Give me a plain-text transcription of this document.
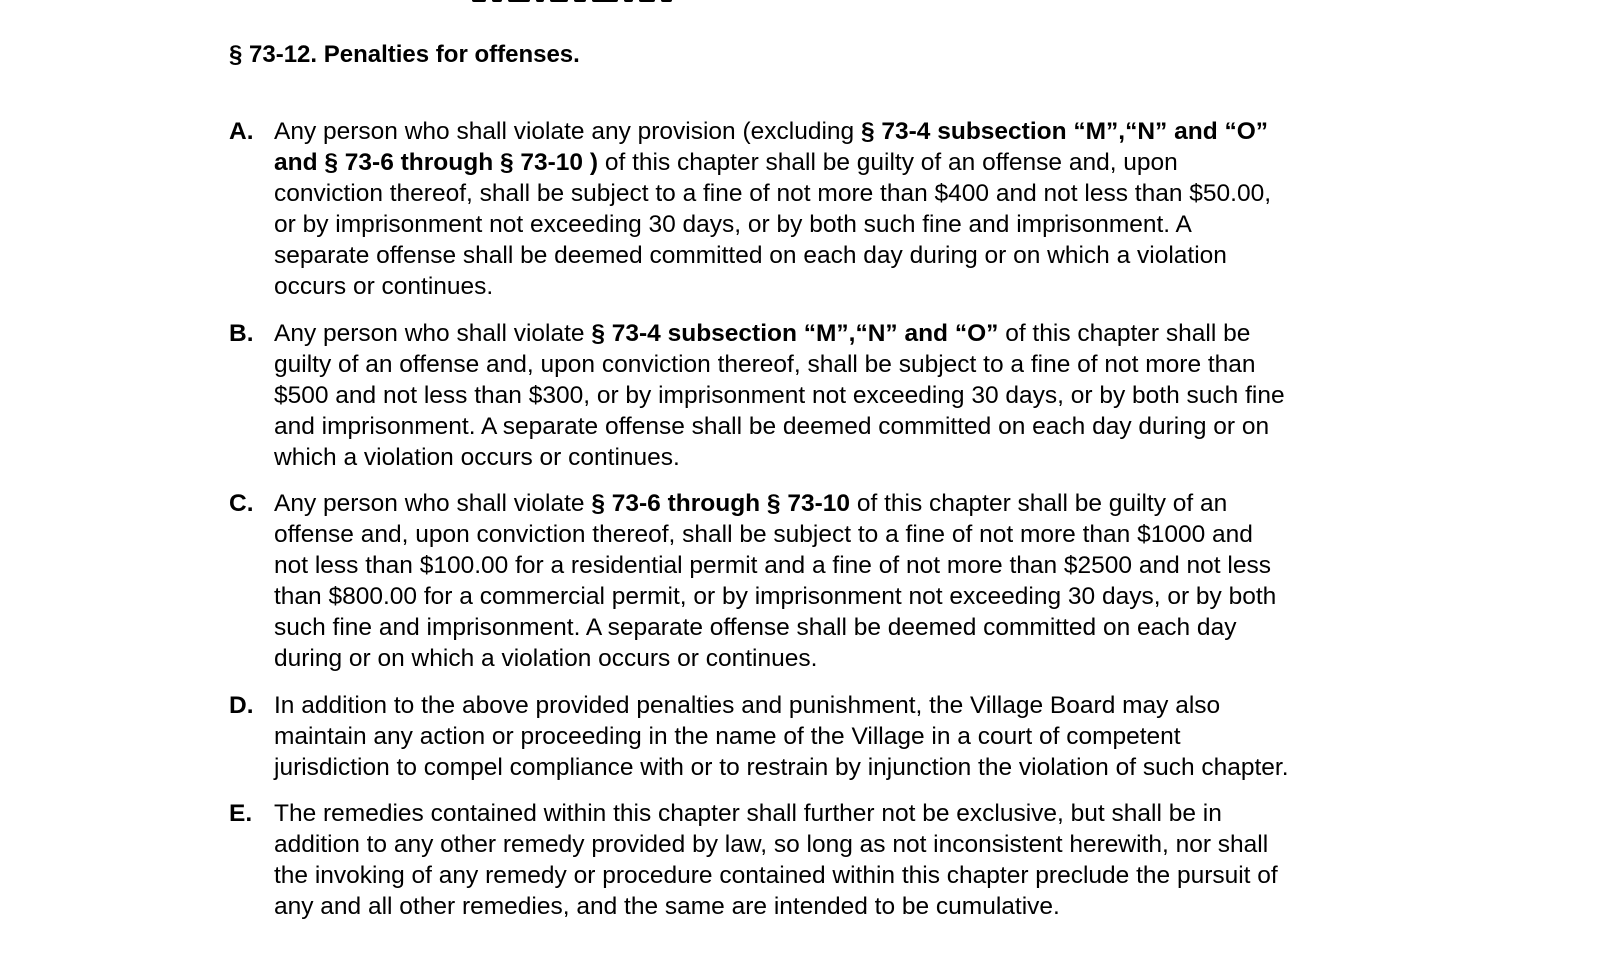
§ 73-12. Penalties for offenses.
A. Any person who shall violate any provision (excluding § 73-4 subsection “M”,“N” and “O”
and § 73-6 through § 73-10 ) of this chapter shall be guilty of an offense and, upon
conviction thereof, shall be subject to a fine of not more than $400 and not less than $50.00,
or by imprisonment not exceeding 30 days, or by both such fine and imprisonment. A
separate offense shall be deemed committed on each day during or on which a violation
occurs or continues.
B. Any person who shall violate § 73-4 subsection “M”,“N” and “O” of this chapter shall be
guilty of an offense and, upon conviction thereof, shall be subject to a fine of not more than
$500 and not less than $300, or by imprisonment not exceeding 30 days, or by both such fine
and imprisonment. A separate offense shall be deemed committed on each day during or on
which a violation occurs or continues.
C. Any person who shall violate § 73-6 through § 73-10 of this chapter shall be guilty of an
offense and, upon conviction thereof, shall be subject to a fine of not more than $1000 and
not less than $100.00 for a residential permit and a fine of not more than $2500 and not less
than $800.00 for a commercial permit, or by imprisonment not exceeding 30 days, or by both
such fine and imprisonment. A separate offense shall be deemed committed on each day
during or on which a violation occurs or continues.
D. In addition to the above provided penalties and punishment, the Village Board may also
maintain any action or proceeding in the name of the Village in a court of competent
jurisdiction to compel compliance with or to restrain by injunction the violation of such chapter.
E. The remedies contained within this chapter shall further not be exclusive, but shall be in
addition to any other remedy provided by law, so long as not inconsistent herewith, nor shall
the invoking of any remedy or procedure contained within this chapter preclude the pursuit of
any and all other remedies, and the same are intended to be cumulative.
